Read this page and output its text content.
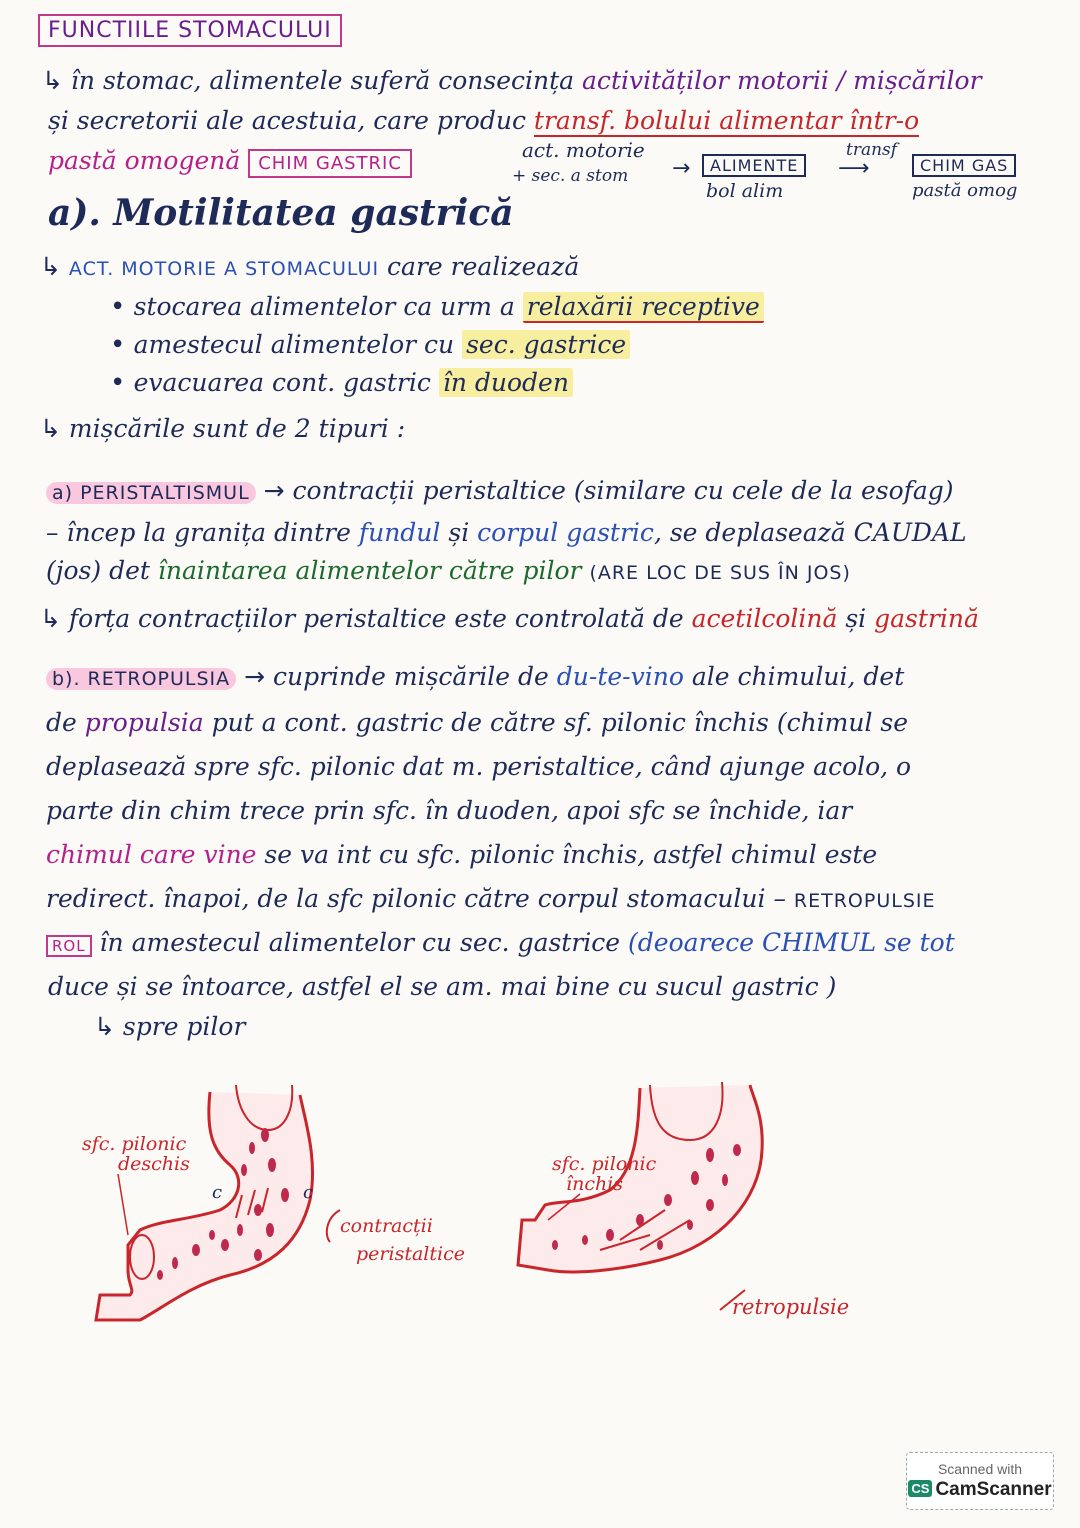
FUNCTIILE STOMACULUI
↳ în stomac, alimentele suferă consecința activităților motorii / mișcărilor
și secretorii ale acestuia, care produc transf. bolului alimentar într-o
pastă omogenă CHIM GASTRIC
act. motorie
+ sec. a stom →	ALIMENTE
bol alim
transf
⟶	CHIM GAS
pastă omog
a). Motilitatea gastrică
↳ ACT. MOTORIE A STOMACULUI care realizează
• stocarea alimentelor ca urm a relaxării receptive
• amestecul alimentelor cu sec. gastrice
• evacuarea cont. gastric în duoden
↳ mișcările sunt de 2 tipuri :
a) PERISTALTISMUL → contracții peristaltice (similare cu cele de la esofag)
– încep la granița dintre fundul și corpul gastric, se deplasează CAUDAL
(jos) det înaintarea alimentelor către pilor (ARE LOC DE SUS ÎN JOS)
↳ forța contracțiilor peristaltice este controlată de acetilcolină și gastrină
b). RETROPULSIA → cuprinde mișcările de du-te-vino ale chimului, det
de propulsia put a cont. gastric de către sf. pilonic închis (chimul se
deplasează spre sfc. pilonic dat m. peristaltice, când ajunge acolo, o
parte din chim trece prin sfc. în duoden, apoi sfc se închide, iar
chimul care vine se va int cu sfc. pilonic închis, astfel chimul este
redirect. înapoi, de la sfc pilonic către corpul stomacului – RETROPULSIE
ROL în amestecul alimentelor cu sec. gastrice (deoarece CHIMUL se tot
duce și se întoarce, astfel el se am. mai bine cu sucul gastric )
↳ spre pilor
sfc. pilonic
deschis
c	c
contracții
peristaltice
sfc. pilonic
închis
retropulsie
Scanned with
CS CamScanner
